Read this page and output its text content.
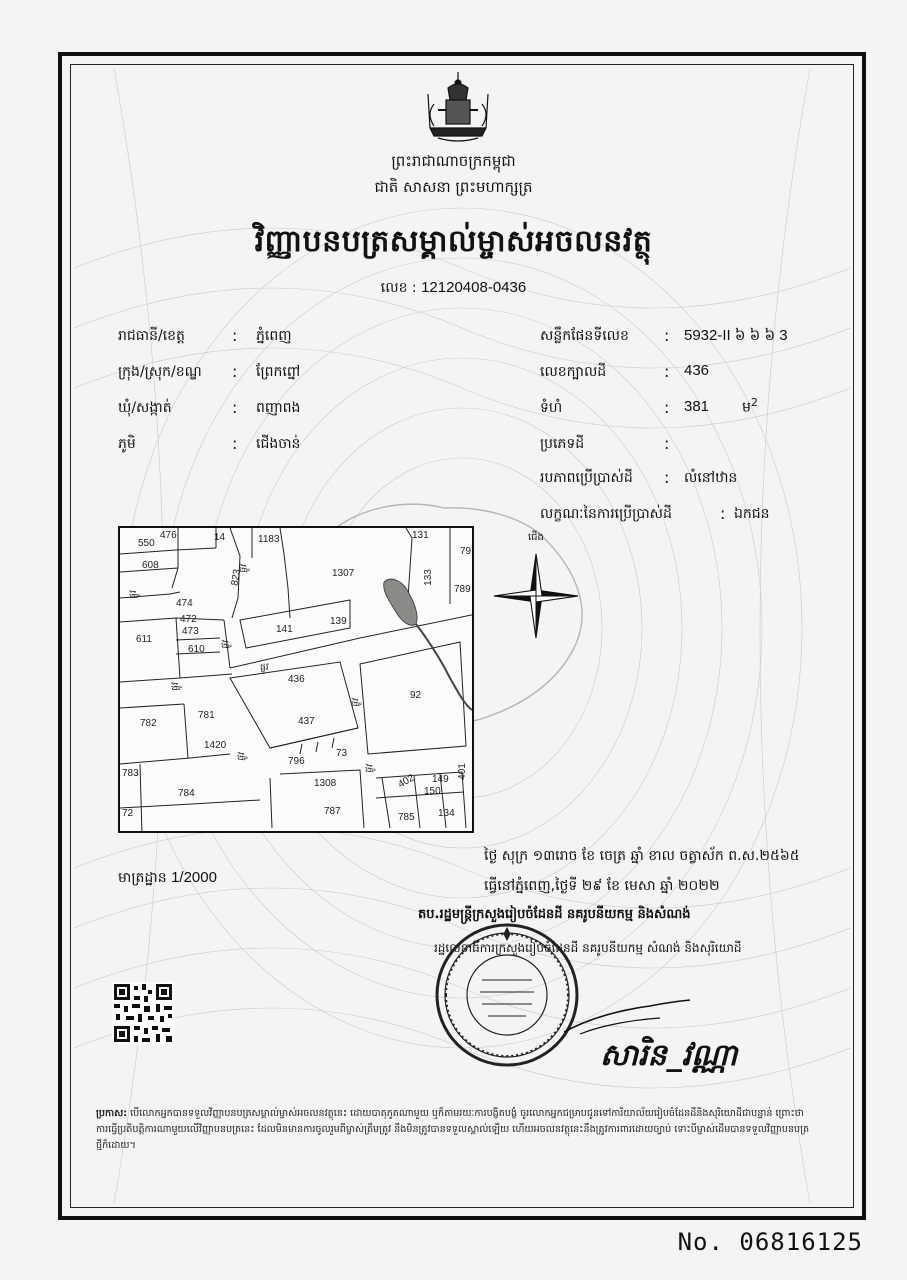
ព្រះរាជាណាចក្រកម្ពុជា
ជាតិ សាសនា ព្រះមហាក្សត្រ
វិញ្ញាបនបត្រសម្គាល់ម្ចាស់អចលនវត្ថុ
លេខ : 12120408-0436
រាជធានី/ខេត្ត	: ភ្នំពេញ
ក្រុង/ស្រុក/ខណ្ឌ : ព្រែកព្នៅ
ឃុំ/សង្កាត់	: ពញាពង
ភូមិ	: ជើងចាន់
សន្លឹកផែនទីលេខ : 5932-II ៦ ៦ ៦ 3
លេខក្បាលដី	: 436
ទំហំ	: 381 ម$^2$
ប្រភេទដី	:
របភាពប្រើប្រាស់ដី : លំនៅឋាន
លក្ខណៈនៃការប្រើប្រាស់ដី	: ឯកជន
476	14	1183	131
79
550
608
823	1307	133
789
474
472
473	141
139
611
610
436
92
781
782	437
1420
796
73
783
784
1308	402 149 401
150
72	787
785 134
ផ្លូវ
ផ្លូវ
ផ្លូវ
ផ្លូវ
ផ្លូវ
ផ្លូវ
ផ្លូវ
ផ្លូវ
ជើង
មាត្រដ្ឋាន 1/2000
ថ្ងៃ សុក្រ ១៣រោច ខែ ចេត្រ ឆ្នាំ ខាល ចត្វាស័ក ព.ស.២៥៦៥
ធ្វើនៅភ្នំពេញ,ថ្ងៃទី ២៩ ខែ មេសា ឆ្នាំ ២០២២
តប.រដ្ឋមន្ត្រីក្រសួងរៀបចំដែនដី នគរូបនីយកម្ម និងសំណង់
រដ្ឋលេខាធិការក្រសួងរៀបចំដែនដី នគរូបនីយកម្ម សំណង់ និងសុរិយោដី
សារិន_វណ្ណា
ប្រកាស: បើលោកអ្នកបានទទួលវិញ្ញាបនបត្រសម្គាល់ម្ចាស់អចលនវត្ថុនេះ ដោយបាតុភូតណាមួយ ឬក៏តាមរយៈការបង្ខិតបង្ខំ ចូរលោកអ្នកជម្រាបជូនទៅការិយាល័យរៀបចំដែនដីនិងសុរិយោដីជាបន្ទាន់ ព្រោះថាការធ្វើប្រតិបត្តិការណាមួយលើវិញ្ញាបនបត្រនេះ ដែលមិនមានការចូលរួមពីម្ចាស់ត្រឹមត្រូវ នឹងមិនត្រូវបានទទួលស្គាល់ឡើយ ហើយអចលនវត្ថុនេះនឹងត្រូវការពារដោយច្បាប់ ទោះបីម្ចាស់ដើមបានទទួលវិញ្ញាបនបត្រថ្មីក៏ដោយ។
No. 06816125
